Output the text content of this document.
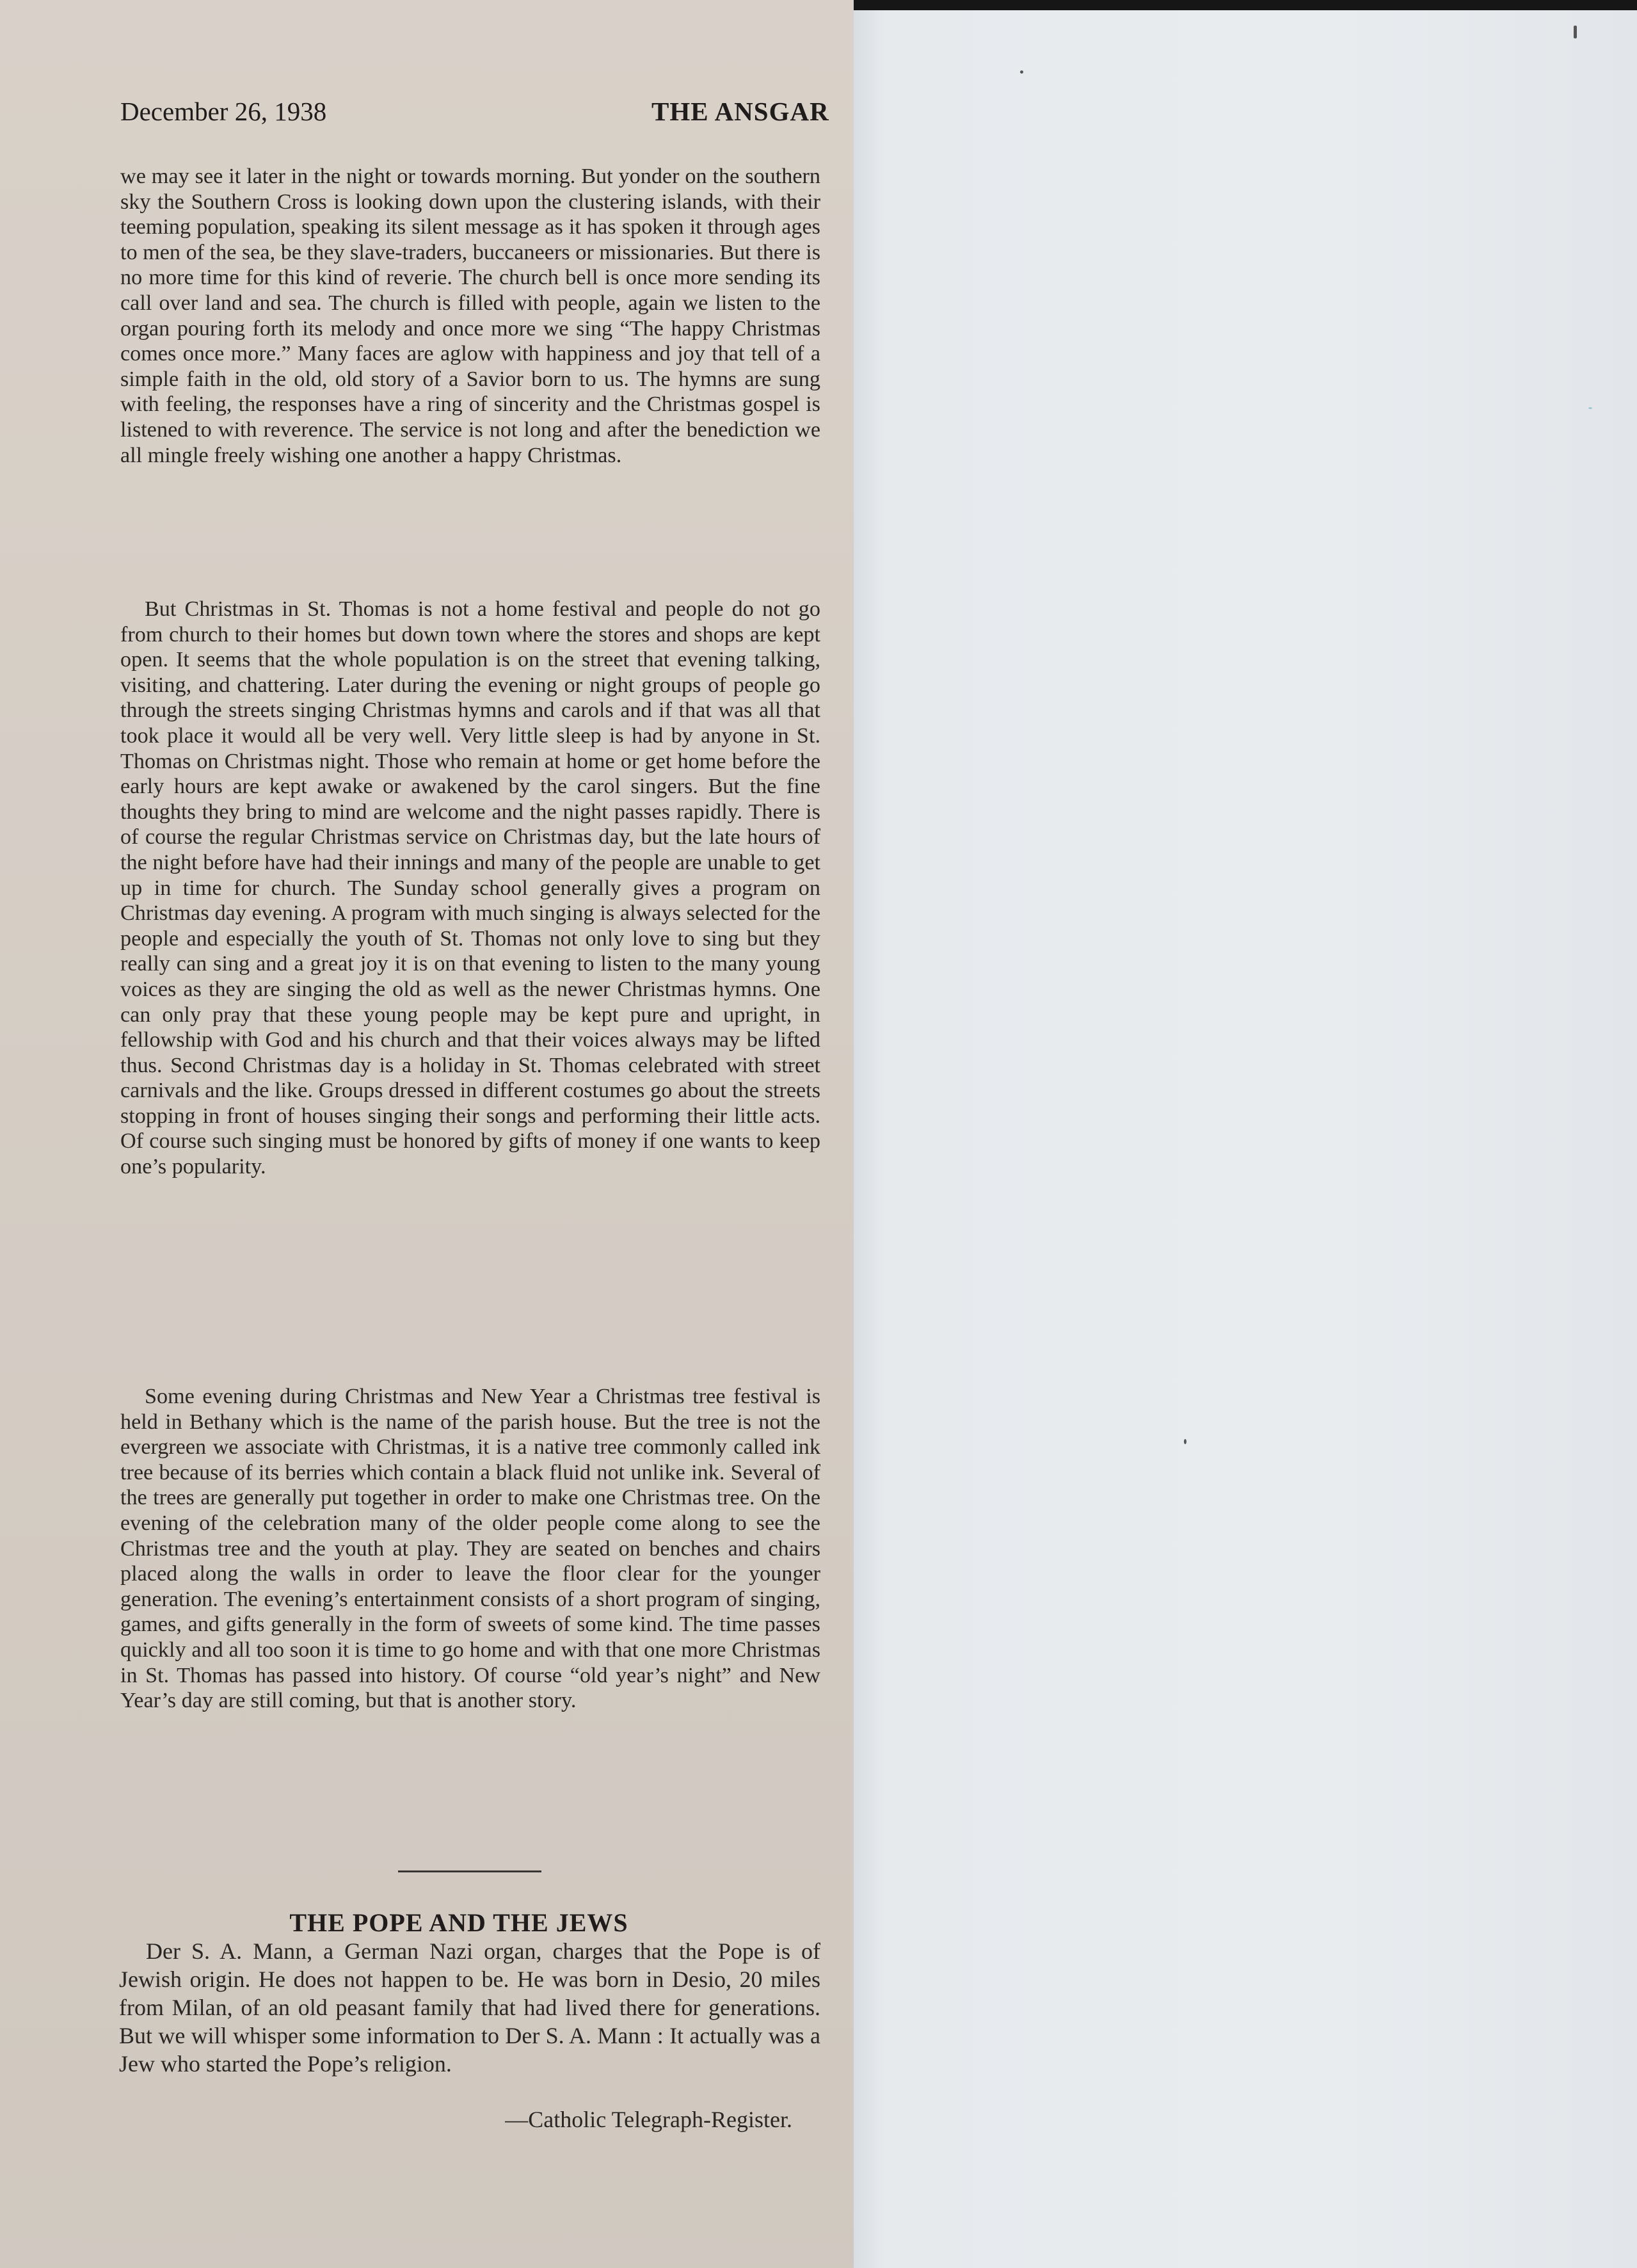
December 26, 1938	THE ANSGAR

we may see it later in the night or towards morning. But yonder on the southern sky the Southern Cross is looking down upon the clustering islands, with their teeming population, speaking its silent message as it has spoken it through ages to men of the sea, be they slave-traders, buccaneers or missionaries. But there is no more time for this kind of reverie. The church bell is once more sending its call over land and sea. The church is filled with people, again we listen to the organ pouring forth its melody and once more we sing “The happy Christmas comes once more.” Many faces are aglow with happiness and joy that tell of a simple faith in the old, old story of a Savior born to us. The hymns are sung with feeling, the responses have a ring of sincerity and the Christmas gospel is listened to with reverence. The service is not long and after the benediction we all mingle freely wishing one another a happy Christmas.

But Christmas in St. Thomas is not a home festival and people do not go from church to their homes but down town where the stores and shops are kept open. It seems that the whole population is on the street that evening talking, visiting, and chattering. Later during the evening or night groups of people go through the streets singing Christmas hymns and carols and if that was all that took place it would all be very well. Very little sleep is had by anyone in St. Thomas on Christmas night. Those who remain at home or get home before the early hours are kept awake or awakened by the carol singers. But the fine thoughts they bring to mind are welcome and the night passes rapidly. There is of course the regular Christmas service on Christmas day, but the late hours of the night before have had their innings and many of the people are unable to get up in time for church. The Sunday school generally gives a program on Christmas day evening. A program with much singing is always selected for the people and especially the youth of St. Thomas not only love to sing but they really can sing and a great joy it is on that evening to listen to the many young voices as they are singing the old as well as the newer Christmas hymns. One can only pray that these young people may be kept pure and upright, in fellowship with God and his church and that their voices always may be lifted thus. Second Christmas day is a holiday in St. Thomas celebrated with street carnivals and the like. Groups dressed in different costumes go about the streets stopping in front of houses singing their songs and performing their little acts. Of course such singing must be honored by gifts of money if one wants to keep one’s popularity.

Some evening during Christmas and New Year a Christmas tree festival is held in Bethany which is the name of the parish house. But the tree is not the evergreen we associate with Christmas, it is a native tree commonly called ink tree because of its berries which contain a black fluid not unlike ink. Several of the trees are generally put together in order to make one Christmas tree. On the evening of the celebration many of the older people come along to see the Christmas tree and the youth at play. They are seated on benches and chairs placed along the walls in order to leave the floor clear for the younger generation. The evening’s entertainment consists of a short program of singing, games, and gifts generally in the form of sweets of some kind. The time passes quickly and all too soon it is time to go home and with that one more Christmas in St. Thomas has passed into history. Of course “old year’s night” and New Year’s day are still coming, but that is another story.

THE POPE AND THE JEWS

Der S. A. Mann, a German Nazi organ, charges that the Pope is of Jewish origin. He does not happen to be. He was born in Desio, 20 miles from Milan, of an old peasant family that had lived there for generations. But we will whisper some information to Der S. A. Mann : It actually was a Jew who started the Pope’s religion.

—Catholic Telegraph-Register.
